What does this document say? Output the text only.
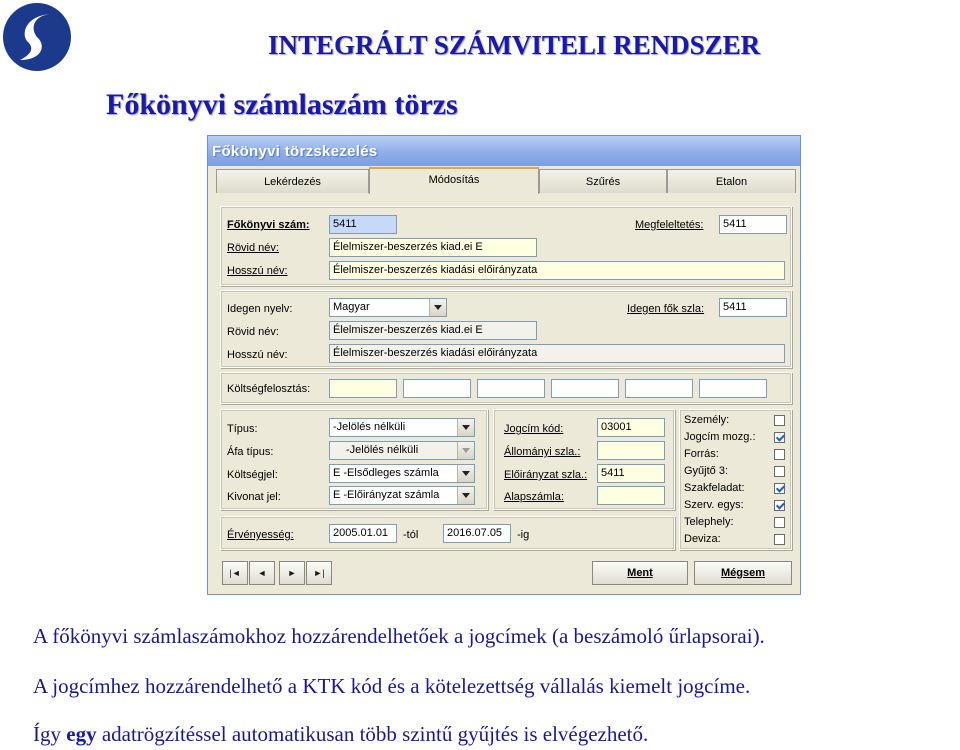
INTEGRÁLT SZÁMVITELI RENDSZER
Főkönyvi számlaszám törzs
Főkönyvi törzskezelés
Lekérdezés	Módosítás	Szűrés	Etalon
Főkönyvi szám:	5411	Megfeleltetés:	5411
Rövid név:	Élelmiszer-beszerzés kiad.ei E
Hosszú név:	Élelmiszer-beszerzés kiadási előirányzata
Idegen nyelv:	Magyar	Idegen fők szla:	5411
Rövid név:	Élelmiszer-beszerzés kiad.ei E
Hosszú név:	Élelmiszer-beszerzés kiadási előirányzata
Költségfelosztás:
Típus:	-Jelölés nélküli
Áfa típus:	-Jelölés nélküli
Költségjel:	E -Elsődleges számla
Kivonat jel:	E -Előirányzat számla
Jogcím kód:	03001
Állományi szla.:
Előirányzat szla.:	5411
Alapszámla:
Személy:
Jogcím mozg.:
Forrás:
Gyűjtő 3:
Szakfeladat:
Szerv. egys:
Telephely:
Deviza:
Érvényesség:	2005.01.01	-tól	2016.07.05	-ig
|◄	◄	►	►|	Ment	Mégsem
A főkönyvi számlaszámokhoz hozzárendelhetőek a jogcímek (a beszámoló űrlapsorai).
A jogcímhez hozzárendelhető a KTK kód és a kötelezettség vállalás kiemelt jogcíme.
Így egy adatrögzítéssel automatikusan több szintű gyűjtés is elvégezhető.
